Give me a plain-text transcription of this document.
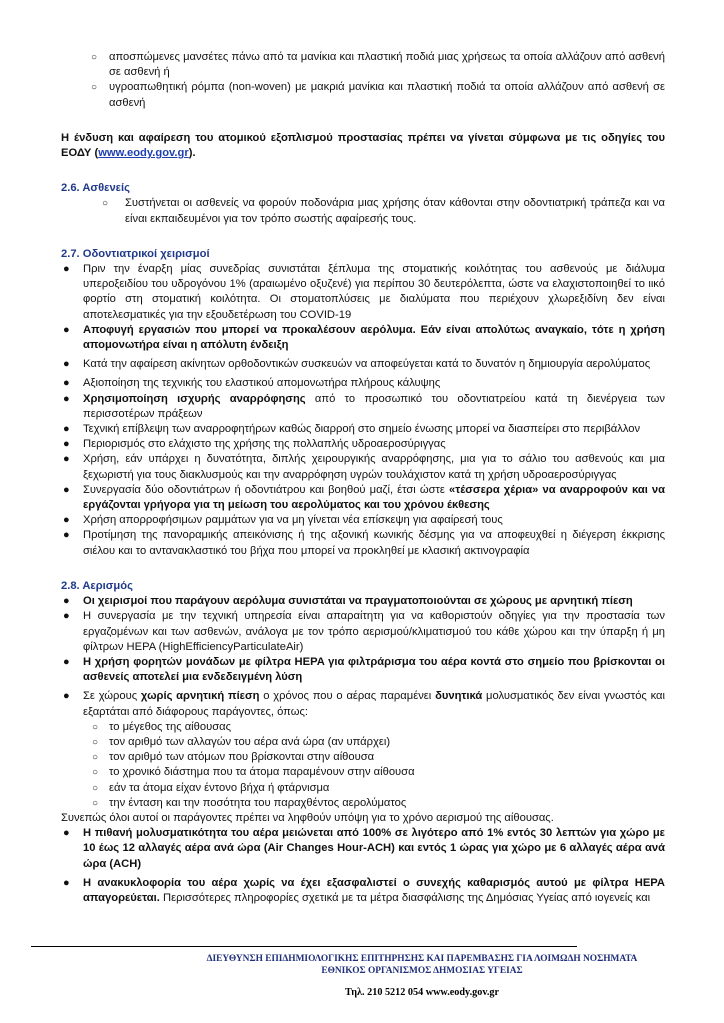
○ αποσπώμενες μανσέτες πάνω από τα μανίκια και πλαστική ποδιά μιας χρήσεως τα οποία αλλάζουν από ασθενή σε ασθενή ή
○ υγροαπωθητική ρόμπα (non-woven) με μακριά μανίκια και πλαστική ποδιά τα οποία αλλάζουν από ασθενή σε ασθενή

Η ένδυση και αφαίρεση του ατομικού εξοπλισμού προστασίας πρέπει να γίνεται σύμφωνα με τις οδηγίες του ΕΟΔΥ (www.eody.gov.gr).

2.6. Ασθενείς
○ Συστήνεται οι ασθενείς να φορούν ποδονάρια μιας χρήσης όταν κάθονται στην οδοντιατρική τράπεζα και να είναι εκπαιδευμένοι για τον τρόπο σωστής αφαίρεσής τους.
2.7. Οδοντιατρικοί χειρισμοί
● Πριν την έναρξη μίας συνεδρίας συνιστάται ξέπλυμα της στοματικής κοιλότητας του ασθενούς με διάλυμα υπεροξειδίου του υδρογόνου 1% (αραιωμένο οξυζενέ) για περίπου 30 δευτερόλεπτα, ώστε να ελαχιστοποιηθεί το ιικό φορτίο στη στοματική κοιλότητα. Οι στοματοπλύσεις με διαλύματα που περιέχουν χλωρεξιδίνη δεν είναι αποτελεσματικές για την εξουδετέρωση του COVID-19
● Αποφυγή εργασιών που μπορεί να προκαλέσουν αερόλυμα. Εάν είναι απολύτως αναγκαίο, τότε η χρήση απομονωτήρα είναι η απόλυτη ένδειξη
● Κατά την αφαίρεση ακίνητων ορθοδοντικών συσκευών να αποφεύγεται κατά το δυνατόν η δημιουργία αερολύματος
● Αξιοποίηση της τεχνικής του ελαστικού απομονωτήρα πλήρους κάλυψης
● Χρησιμοποίηση ισχυρής αναρρόφησης από το προσωπικό του οδοντιατρείου κατά τη διενέργεια των περισσοτέρων πράξεων
● Τεχνική επίβλεψη των αναρροφητήρων καθώς διαρροή στο σημείο ένωσης μπορεί να διασπείρει στο περιβάλλον
● Περιορισμός στο ελάχιστο της χρήσης της πολλαπλής υδροαεροσύριγγας
● Χρήση, εάν υπάρχει η δυνατότητα, διπλής χειρουργικής αναρρόφησης, μια για το σάλιο του ασθενούς και μια ξεχωριστή για τους διακλυσμούς και την αναρρόφηση υγρών τουλάχιστον κατά τη χρήση υδροαεροσύριγγας
● Συνεργασία δύο οδοντιάτρων ή οδοντιάτρου και βοηθού μαζί, έτσι ώστε «τέσσερα χέρια» να αναρροφούν και να εργάζονται γρήγορα για τη μείωση του αερολύματος και του χρόνου έκθεσης
● Χρήση απορροφήσιμων ραμμάτων για να μη γίνεται νέα επίσκεψη για αφαίρεσή τους
● Προτίμηση της πανοραμικής απεικόνισης ή της αξονική κωνικής δέσμης για να αποφευχθεί η διέγερση έκκρισης σιέλου και το αντανακλαστικό του βήχα που μπορεί να προκληθεί με κλασική ακτινογραφία
2.8. Αερισμός
● Οι χειρισμοί που παράγουν αερόλυμα συνιστάται να πραγματοποιούνται σε χώρους με αρνητική πίεση
● Η συνεργασία με την τεχνική υπηρεσία είναι απαραίτητη για να καθοριστούν οδηγίες για την προστασία των εργαζομένων και των ασθενών, ανάλογα με τον τρόπο αερισμού/κλιματισμού του κάθε χώρου και την ύπαρξη ή μη φίλτρων HEPA (HighEfficiencyParticulateAir)
● Η χρήση φορητών μονάδων με φίλτρα HEPA για φιλτράρισμα του αέρα κοντά στο σημείο που βρίσκονται οι ασθενείς αποτελεί μια ενδεδειγμένη λύση
● Σε χώρους χωρίς αρνητική πίεση ο χρόνος που ο αέρας παραμένει δυνητικά μολυσματικός δεν είναι γνωστός και εξαρτάται από διάφορους παράγοντες, όπως:
○ το μέγεθος της αίθουσας
○ τον αριθμό των αλλαγών του αέρα ανά ώρα (αν υπάρχει)
○ τον αριθμό των ατόμων που βρίσκονται στην αίθουσα
○ το χρονικό διάστημα που τα άτομα παραμένουν στην αίθουσα
○ εάν τα άτομα είχαν έντονο βήχα ή φτάρνισμα
○ την ένταση και την ποσότητα του παραχθέντος αερολύματος

Συνεπώς όλοι αυτοί οι παράγοντες πρέπει να ληφθούν υπόψη για το χρόνο αερισμού της αίθουσας.

● Η πιθανή μολυσματικότητα του αέρα μειώνεται από 100% σε λιγότερο από 1% εντός 30 λεπτών για χώρο με 10 έως 12 αλλαγές αέρα ανά ώρα (Air Changes Hour-ACH) και εντός 1 ώρας για χώρο με 6 αλλαγές αέρα ανά ώρα (ACH)
● Η ανακυκλοφορία του αέρα χωρίς να έχει εξασφαλιστεί ο συνεχής καθαρισμός αυτού με φίλτρα HEPA απαγορεύεται. Περισσότερες πληροφορίες σχετικά με τα μέτρα διασφάλισης της Δημόσιας Υγείας από ιογενείς και
ΔΙΕΥΘΥΝΣΗ ΕΠΙΔΗΜΙΟΛΟΓΙΚΗΣ ΕΠΙΤΗΡΗΣΗΣ ΚΑΙ ΠΑΡΕΜΒΑΣΗΣ ΓΙΑ ΛΟΙΜΩΔΗ ΝΟΣΗΜΑΤΑ
ΕΘΝΙΚΟΣ ΟΡΓΑΝΙΣΜΟΣ ΔΗΜΟΣΙΑΣ ΥΓΕΙΑΣ
Τηλ. 210 5212 054 www.eody.gov.gr
